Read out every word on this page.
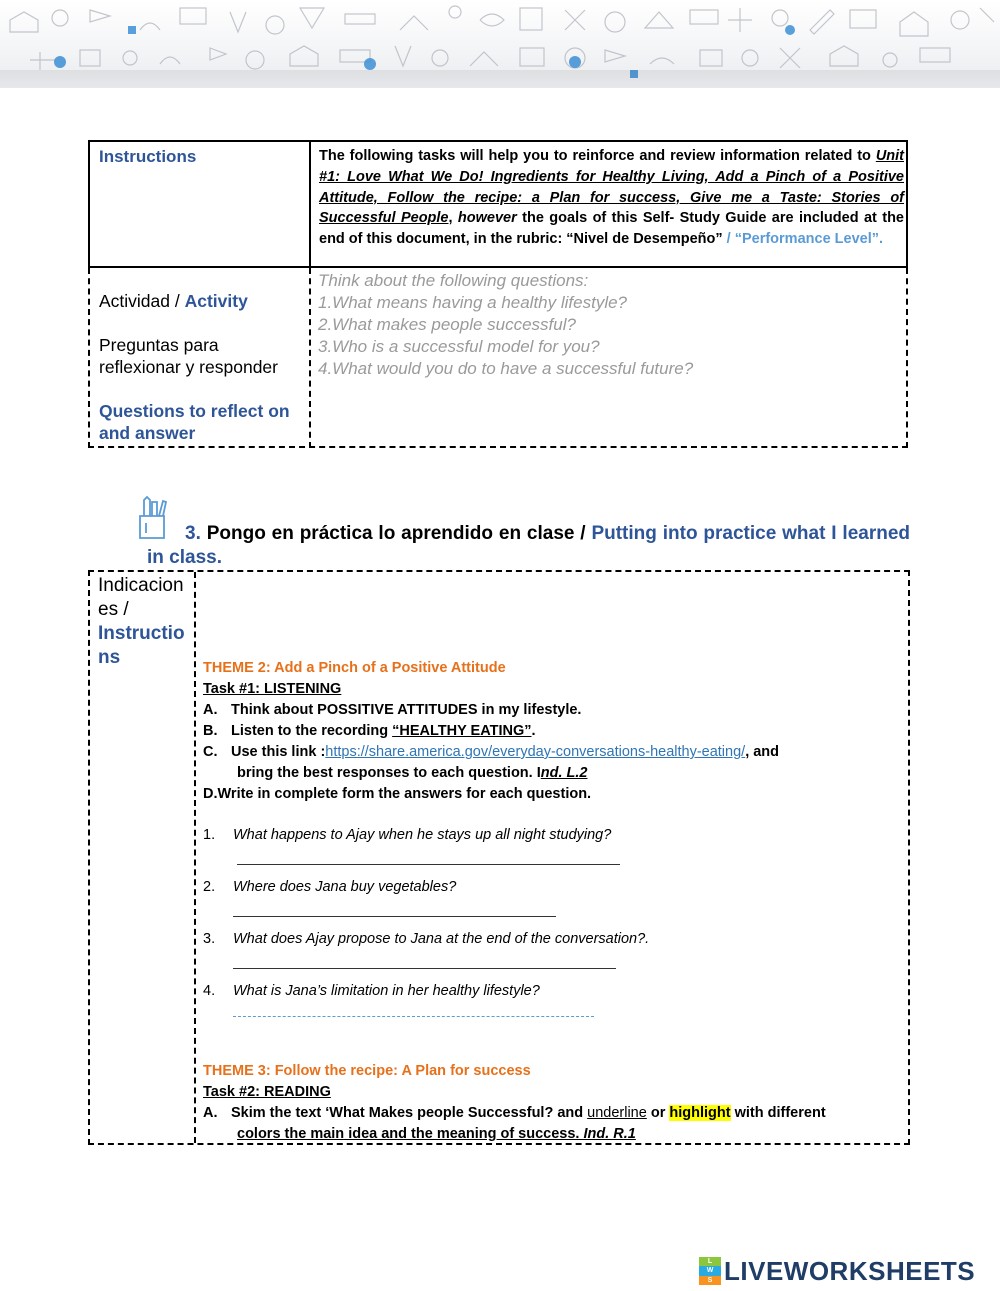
Instructions	The following tasks will help you to reinforce and review information related to Unit #1: Love What We Do! Ingredients for Healthy Living, Add a Pinch of a Positive Attitude, Follow the recipe: a Plan for success, Give me a Taste: Stories of Successful People, however the goals of this Self- Study Guide are included at the end of this document, in the rubric: “Nivel de Desempeño” / “Performance Level”.
Actividad / Activity
Preguntas para reflexionar y responder
Questions to reflect on and answer
Think about the following questions:
1.What means having a healthy lifestyle?
2.What makes people successful?
3.Who is a successful model for you?
4.What would you do to have a successful future?
3. Pongo en práctica lo aprendido en clase / Putting into practice what I learned in class.
Indicaciones /
Instructions	THEME 2: Add a Pinch of a Positive Attitude
Task #1: LISTENING
A. Think about POSSITIVE ATTITUDES in my lifestyle.
B. Listen to the recording “HEALTHY EATING”.
C. Use this link :https://share.america.gov/everyday-conversations-healthy-eating/, and
bring the best responses to each question. Ind. L.2
D.Write in complete form the answers for each question.
1. What happens to Ajay when he stays up all night studying?
2. Where does Jana buy vegetables?
3. What does Ajay propose to Jana at the end of the conversation?.
4. What is Jana’s limitation in her healthy lifestyle?
THEME 3: Follow the recipe: A Plan for success
Task #2: READING
A. Skim the text ‘What Makes people Successful? and underline or highlight with different
colors the main idea and the meaning of success. Ind. R.1
L
W
S LIVEWORKSHEETS
